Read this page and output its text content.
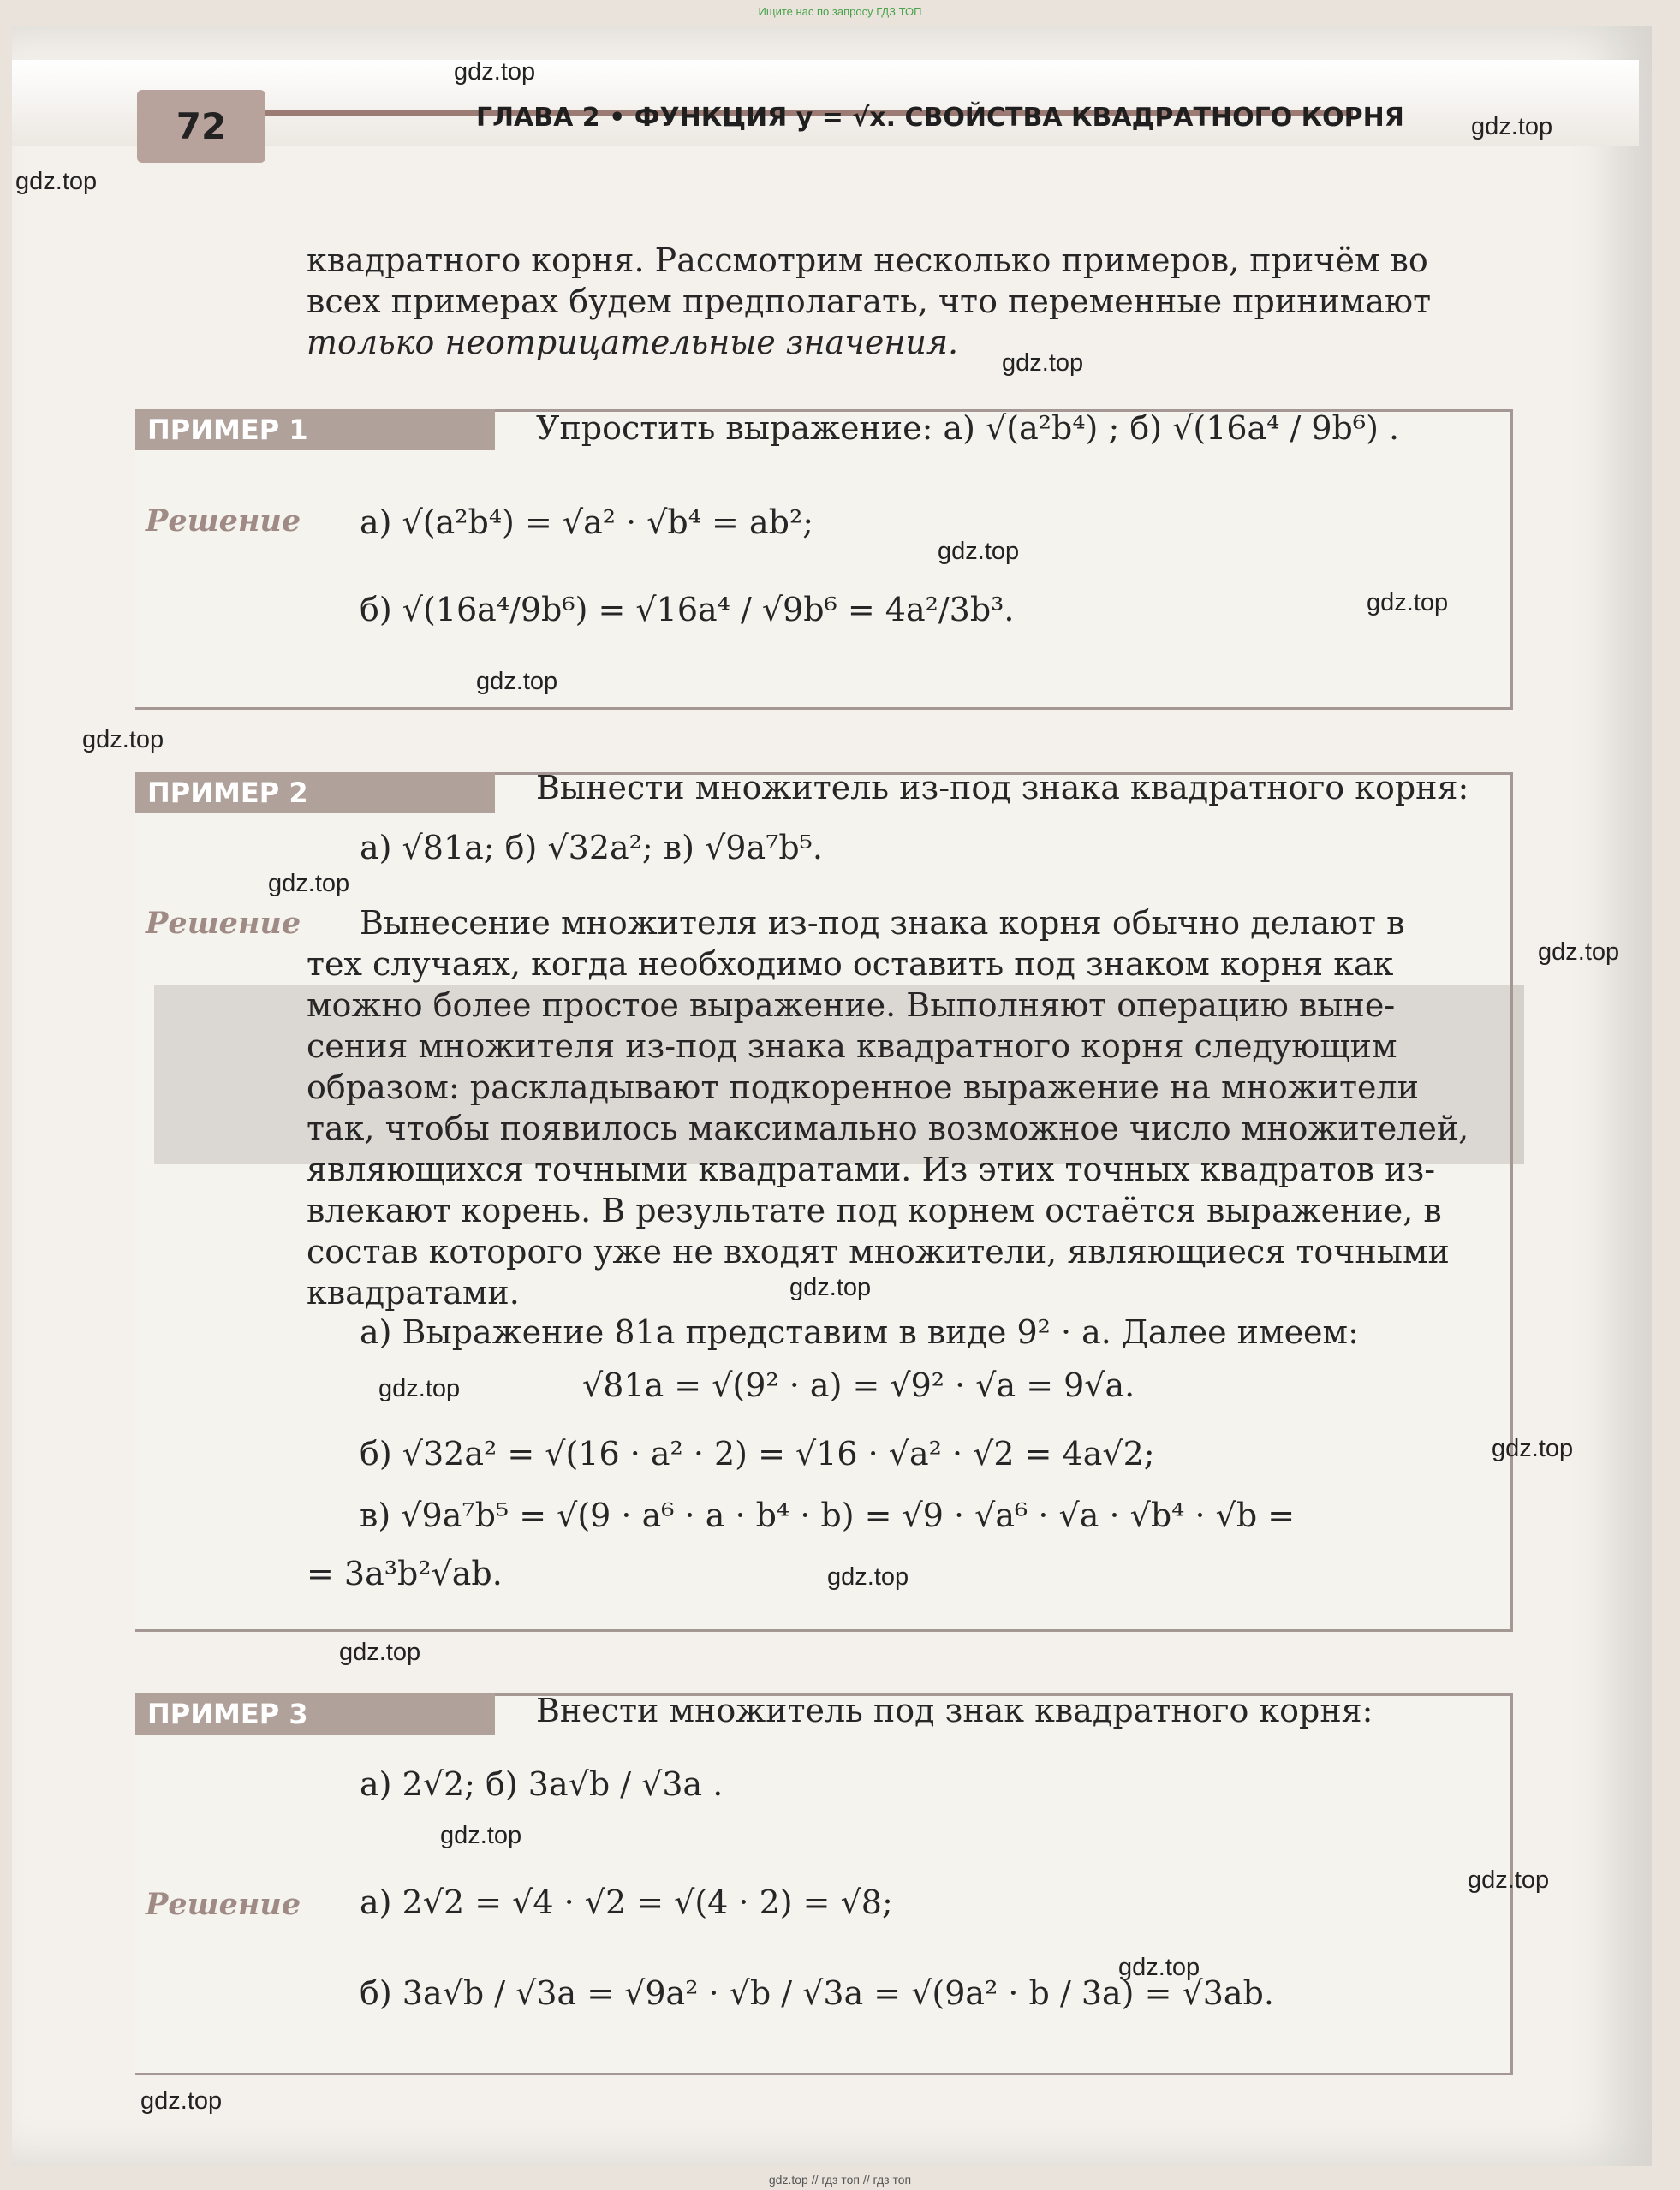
Ищите нас по запросу ГДЗ ТОП
72	ГЛАВА 2 • ФУНКЦИЯ y = √x. СВОЙСТВА КВАДРАТНОГО КОРНЯ
квадратного корня. Рассмотрим несколько примеров, причём во
всех примерах будем предполагать, что переменные принимают
только неотрицательные значения.
ПРИМЕР 1	Упростить выражение: а) √(a²b⁴) ; б) √(16a⁴ / 9b⁶) .
Решение а) √(a²b⁴) = √a² · √b⁴ = ab²;
б) √(16a⁴/9b⁶) = √16a⁴ / √9b⁶ = 4a²/3b³.
ПРИМЕР 2	Вынести множитель из-под знака квадратного корня:
а) √81a; б) √32a²; в) √9a⁷b⁵.
Решение Вынесение множителя из-под знака корня обычно делают в
тех случаях, когда необходимо оставить под знаком корня как
можно более простое выражение. Выполняют операцию выне-
сения множителя из-под знака квадратного корня следующим
образом: раскладывают подкоренное выражение на множители
так, чтобы появилось максимально возможное число множителей,
являющихся точными квадратами. Из этих точных квадратов из-
влекают корень. В результате под корнем остаётся выражение, в
состав которого уже не входят множители, являющиеся точными
квадратами.
а) Выражение 81a представим в виде 9² · a. Далее имеем:
√81a = √(9² · a) = √9² · √a = 9√a.
б) √32a² = √(16 · a² · 2) = √16 · √a² · √2 = 4a√2;
в) √9a⁷b⁵ = √(9 · a⁶ · a · b⁴ · b) = √9 · √a⁶ · √a · √b⁴ · √b =
= 3a³b²√ab.
ПРИМЕР 3	Внести множитель под знак квадратного корня:
а) 2√2; б) 3a√b / √3a .
Решение а) 2√2 = √4 · √2 = √(4 · 2) = √8;
б) 3a√b / √3a = √9a² · √b / √3a = √(9a² · b / 3a) = √3ab.
gdz.top
gdz.top
gdz.top
gdz.top
gdz.top
gdz.top
gdz.top
gdz.top
gdz.top
gdz.top
gdz.top
gdz.top
gdz.top
gdz.top
gdz.top
gdz.top
gdz.top
gdz.top
gdz.top
gdz.top // гдз топ // гдз топ
